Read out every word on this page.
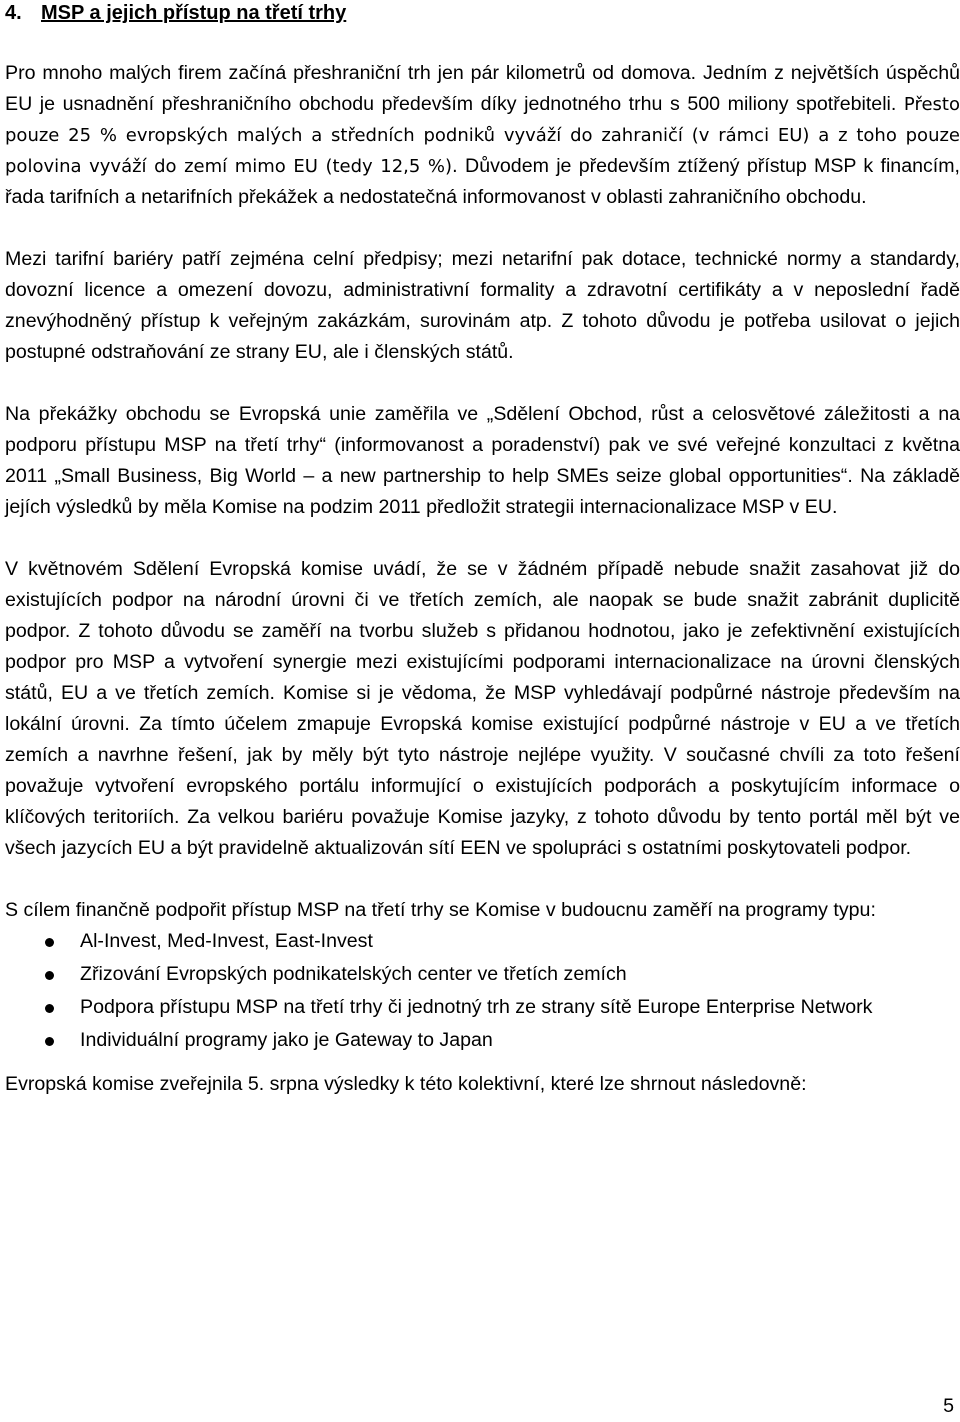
4. MSP a jejich přístup na třetí trhy

Pro mnoho malých firem začíná přeshraniční trh jen pár kilometrů od domova. Jedním z největších úspěchů EU je usnadnění přeshraničního obchodu především díky jednotného trhu s 500 miliony spotřebiteli. Přesto pouze 25 % evropských malých a středních podniků vyváží do zahraničí (v rámci EU) a z toho pouze polovina vyváží do zemí mimo EU (tedy 12,5 %). Důvodem je především ztížený přístup MSP k financím, řada tarifních a netarifních překážek a nedostatečná informovanost v oblasti zahraničního obchodu.

Mezi tarifní bariéry patří zejména celní předpisy; mezi netarifní pak dotace, technické normy a standardy, dovozní licence a omezení dovozu, administrativní formality a zdravotní certifikáty a v neposlední řadě znevýhodněný přístup k veřejným zakázkám, surovinám atp. Z tohoto důvodu je potřeba usilovat o jejich postupné odstraňování ze strany EU, ale i členských států.

Na překážky obchodu se Evropská unie zaměřila ve „Sdělení Obchod, růst a celosvětové záležitosti a na podporu přístupu MSP na třetí trhy“ (informovanost a poradenství) pak ve své veřejné konzultaci z května 2011 „Small Business, Big World – a new partnership to help SMEs seize global opportunities“. Na základě jejích výsledků by měla Komise na podzim 2011 předložit strategii internacionalizace MSP v EU.

V květnovém Sdělení Evropská komise uvádí, že se v žádném případě nebude snažit zasahovat již do existujících podpor na národní úrovni či ve třetích zemích, ale naopak se bude snažit zabránit duplicitě podpor. Z tohoto důvodu se zaměří na tvorbu služeb s přidanou hodnotou, jako je zefektivnění existujících podpor pro MSP a vytvoření synergie mezi existujícími podporami internacionalizace na úrovni členských států, EU a ve třetích zemích. Komise si je vědoma, že MSP vyhledávají podpůrné nástroje především na lokální úrovni. Za tímto účelem zmapuje Evropská komise existující podpůrné nástroje v EU a ve třetích zemích a navrhne řešení, jak by měly být tyto nástroje nejlépe využity. V současné chvíli za toto řešení považuje vytvoření evropského portálu informující o existujících podporách a poskytujícím informace o klíčových teritoriích. Za velkou bariéru považuje Komise jazyky, z tohoto důvodu by tento portál měl být ve všech jazycích EU a být pravidelně aktualizován sítí EEN ve spolupráci s ostatními poskytovateli podpor.

S cílem finančně podpořit přístup MSP na třetí trhy se Komise v budoucnu zaměří na programy typu:

Al-Invest, Med-Invest, East-Invest
Zřizování Evropských podnikatelských center ve třetích zemích
Podpora přístupu MSP na třetí trhy či jednotný trh ze strany sítě Europe Enterprise Network
Individuální programy jako je Gateway to Japan

Evropská komise zveřejnila 5. srpna výsledky k této kolektivní, které lze shrnout následovně:

5
